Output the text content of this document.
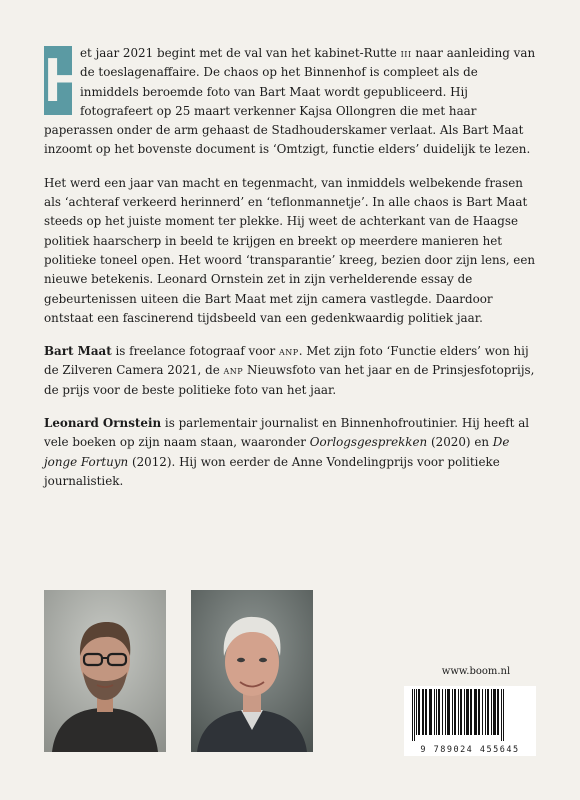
H
et jaar 2021 begint met de val van het kabinet-Rutte iii naar aanleiding van de toeslagenaffaire. De chaos op het Binnenhof is compleet als de inmiddels beroemde foto van Bart Maat wordt gepubliceerd. Hij fotografeert op 25 maart verkenner Kajsa Ollongren die met haar paperassen onder de arm gehaast de Stadhouderskamer verlaat. Als Bart Maat inzoomt op het bovenste document is ‘Omtzigt, functie elders’ duidelijk te lezen.

Het werd een jaar van macht en tegenmacht, van inmiddels welbekende frasen als ‘achteraf verkeerd herinnerd’ en ‘teflonmannetje’. In alle chaos is Bart Maat steeds op het juiste moment ter plekke. Hij weet de achterkant van de Haagse politiek haarscherp in beeld te krijgen en breekt op meerdere manieren het politieke toneel open. Het woord ‘transparantie’ kreeg, bezien door zijn lens, een nieuwe betekenis. Leonard Ornstein zet in zijn verhelderende essay de gebeurtenissen uiteen die Bart Maat met zijn camera vastlegde. Daardoor ontstaat een fascinerend tijdsbeeld van een gedenkwaardig politiek jaar.

Bart Maat is freelance fotograaf voor anp. Met zijn foto ‘Functie elders’ won hij de Zilveren Camera 2021, de anp Nieuwsfoto van het jaar en de Prinsjesfotoprijs, de prijs voor de beste politieke foto van het jaar.

Leonard Ornstein is parlementair journalist en Binnenhofroutinier. Hij heeft al vele boeken op zijn naam staan, waaronder Oorlogsgesprekken (2020) en De jonge Fortuyn (2012). Hij won eerder de Anne Vondelingprijs voor politieke journalistiek.

www.boom.nl
9 789024 455645
